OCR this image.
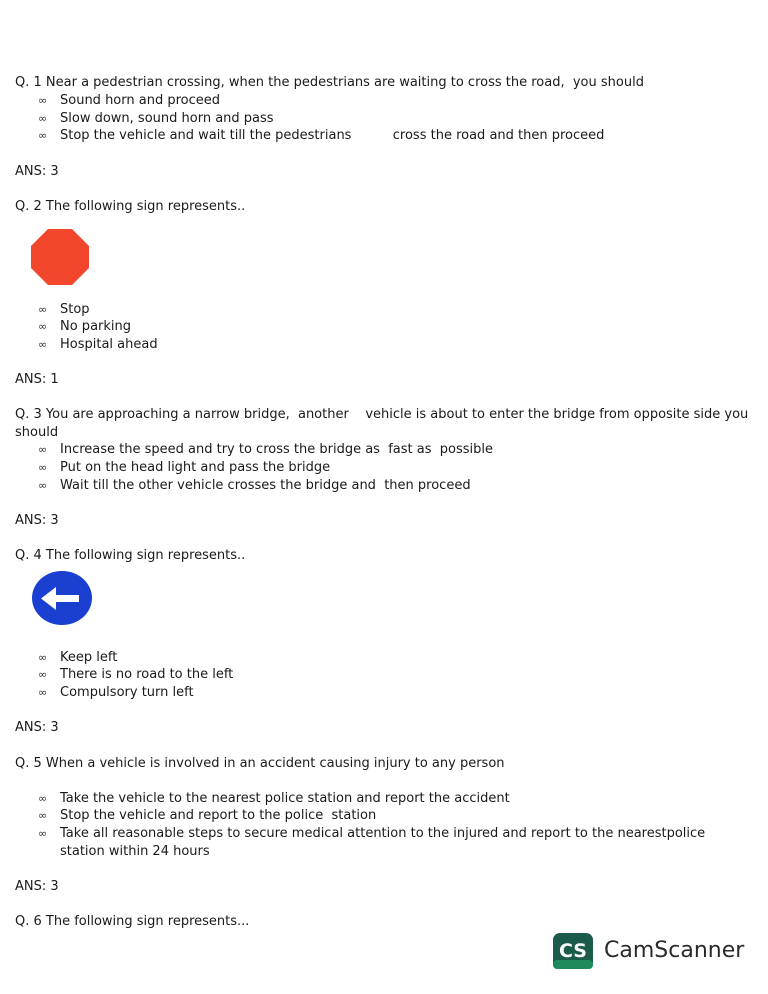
Q. 1 Near a pedestrian crossing, when the pedestrians are waiting to cross the road,  you should
∞ Sound horn and proceed
∞ Slow down, sound horn and pass
∞ Stop the vehicle and wait till the pedestrians          cross the road and then proceed
ANS: 3
Q. 2 The following sign represents..
∞ Stop
∞ No parking
∞ Hospital ahead
ANS: 1
Q. 3 You are approaching a narrow bridge,  another    vehicle is about to enter the bridge from opposite side you
should
∞ Increase the speed and try to cross the bridge as  fast as  possible
∞ Put on the head light and pass the bridge
∞ Wait till the other vehicle crosses the bridge and  then proceed
ANS: 3
Q. 4 The following sign represents..
∞ Keep left
∞ There is no road to the left
∞ Compulsory turn left
ANS: 3
Q. 5 When a vehicle is involved in an accident causing injury to any person
∞ Take the vehicle to the nearest police station and report the accident
∞ Stop the vehicle and report to the police  station
∞ Take all reasonable steps to secure medical attention to the injured and report to the nearestpolice
station within 24 hours
ANS: 3
Q. 6 The following sign represents...
CS CamScanner
